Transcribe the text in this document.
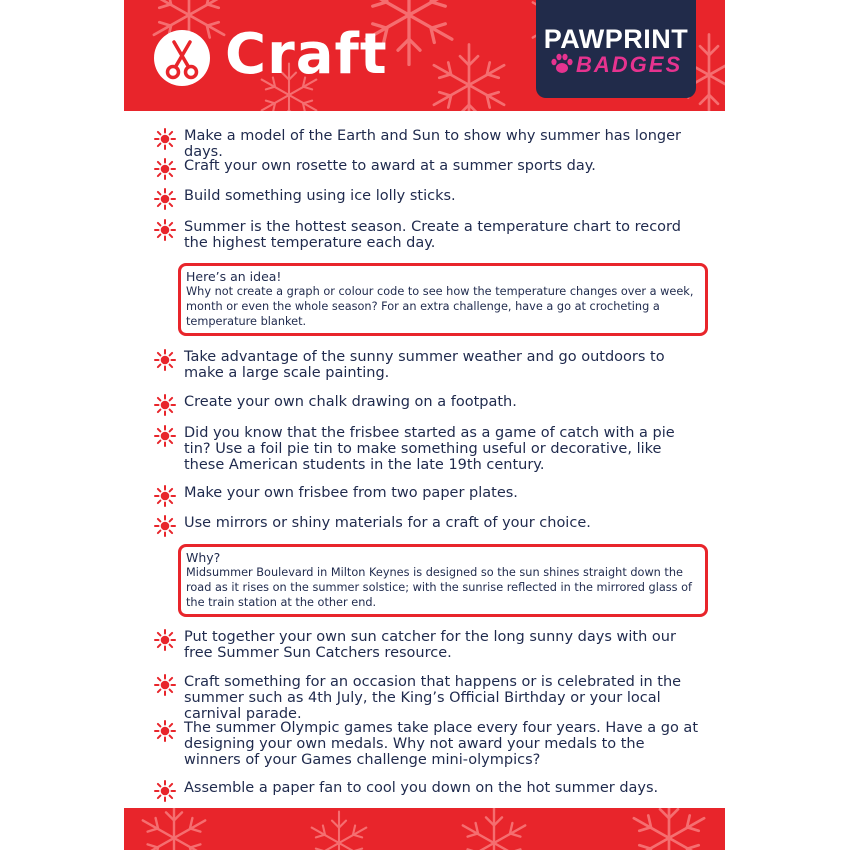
Craft	PAWPRINT
BADGES
Make a model of the Earth and Sun to show why summer has longer days.
Craft your own rosette to award at a summer sports day.
Build something using ice lolly sticks.
Summer is the hottest season. Create a temperature chart to record the highest temperature each day.
Here’s an idea!
Why not create a graph or colour code to see how the temperature changes over a week, month or even the whole season? For an extra challenge, have a go at crocheting a temperature blanket.
Take advantage of the sunny summer weather and go outdoors to make a large scale painting.
Create your own chalk drawing on a footpath.
Did you know that the frisbee started as a game of catch with a pie tin? Use a foil pie tin to make something useful or decorative, like these American students in the late 19th century.
Make your own frisbee from two paper plates.
Use mirrors or shiny materials for a craft of your choice.
Why?
Midsummer Boulevard in Milton Keynes is designed so the sun shines straight down the road as it rises on the summer solstice; with the sunrise reflected in the mirrored glass of the train station at the other end.
Put together your own sun catcher for the long sunny days with our free Summer Sun Catchers resource.
Craft something for an occasion that happens or is celebrated in the summer such as 4th July, the King’s Official Birthday or your local carnival parade.
The summer Olympic games take place every four years. Have a go at designing your own medals. Why not award your medals to the winners of your Games challenge mini-olympics?
Assemble a paper fan to cool you down on the hot summer days.
